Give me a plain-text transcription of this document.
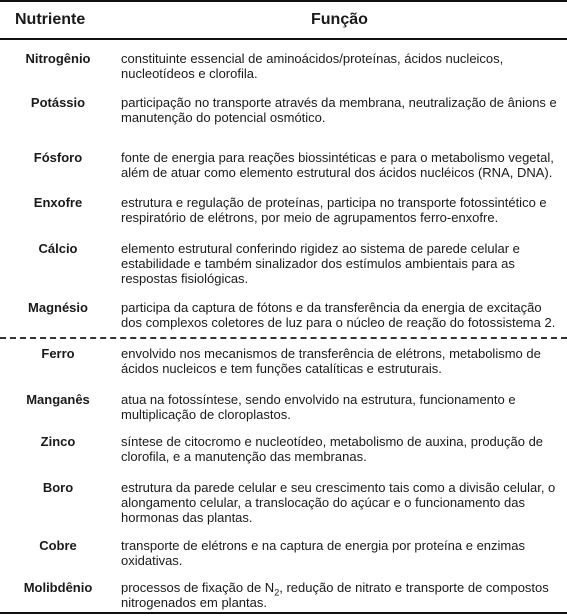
Nutriente	Função
Nitrogênio	constituinte essencial de aminoácidos/proteínas, ácidos nucleicos, nucleotídeos e clorofila.
Potássio	participação no transporte através da membrana, neutralização de ânions e manutenção do potencial osmótico.
Fósforo	fonte de energia para reações biossintéticas e para o metabolismo vegetal, além de atuar como elemento estrutural dos ácidos nucléicos (RNA, DNA).
Enxofre	estrutura e regulação de proteínas, participa no transporte fotossintético e respiratório de elétrons, por meio de agrupamentos ferro-enxofre.
Cálcio	elemento estrutural conferindo rigidez ao sistema de parede celular e estabilidade e também sinalizador dos estímulos ambientais para as respostas fisiológicas.
Magnésio	participa da captura de fótons e da transferência da energia de excitação dos complexos coletores de luz para o núcleo de reação do fotossistema 2.
Ferro	envolvido nos mecanismos de transferência de elétrons, metabolismo de ácidos nucleicos e tem funções catalíticas e estruturais.
Manganês	atua na fotossíntese, sendo envolvido na estrutura, funcionamento e multiplicação de cloroplastos.
Zinco	síntese de citocromo e nucleotídeo, metabolismo de auxina, produção de clorofila, e a manutenção das membranas.
Boro	estrutura da parede celular e seu crescimento tais como a divisão celular, o alongamento celular, a translocação do açúcar e o funcionamento das hormonas das plantas.
Cobre	transporte de elétrons e na captura de energia por proteína e enzimas oxidativas.
Molibdênio	processos de fixação de $N_2$, redução de nitrato e transporte de compostos nitrogenados em plantas.
